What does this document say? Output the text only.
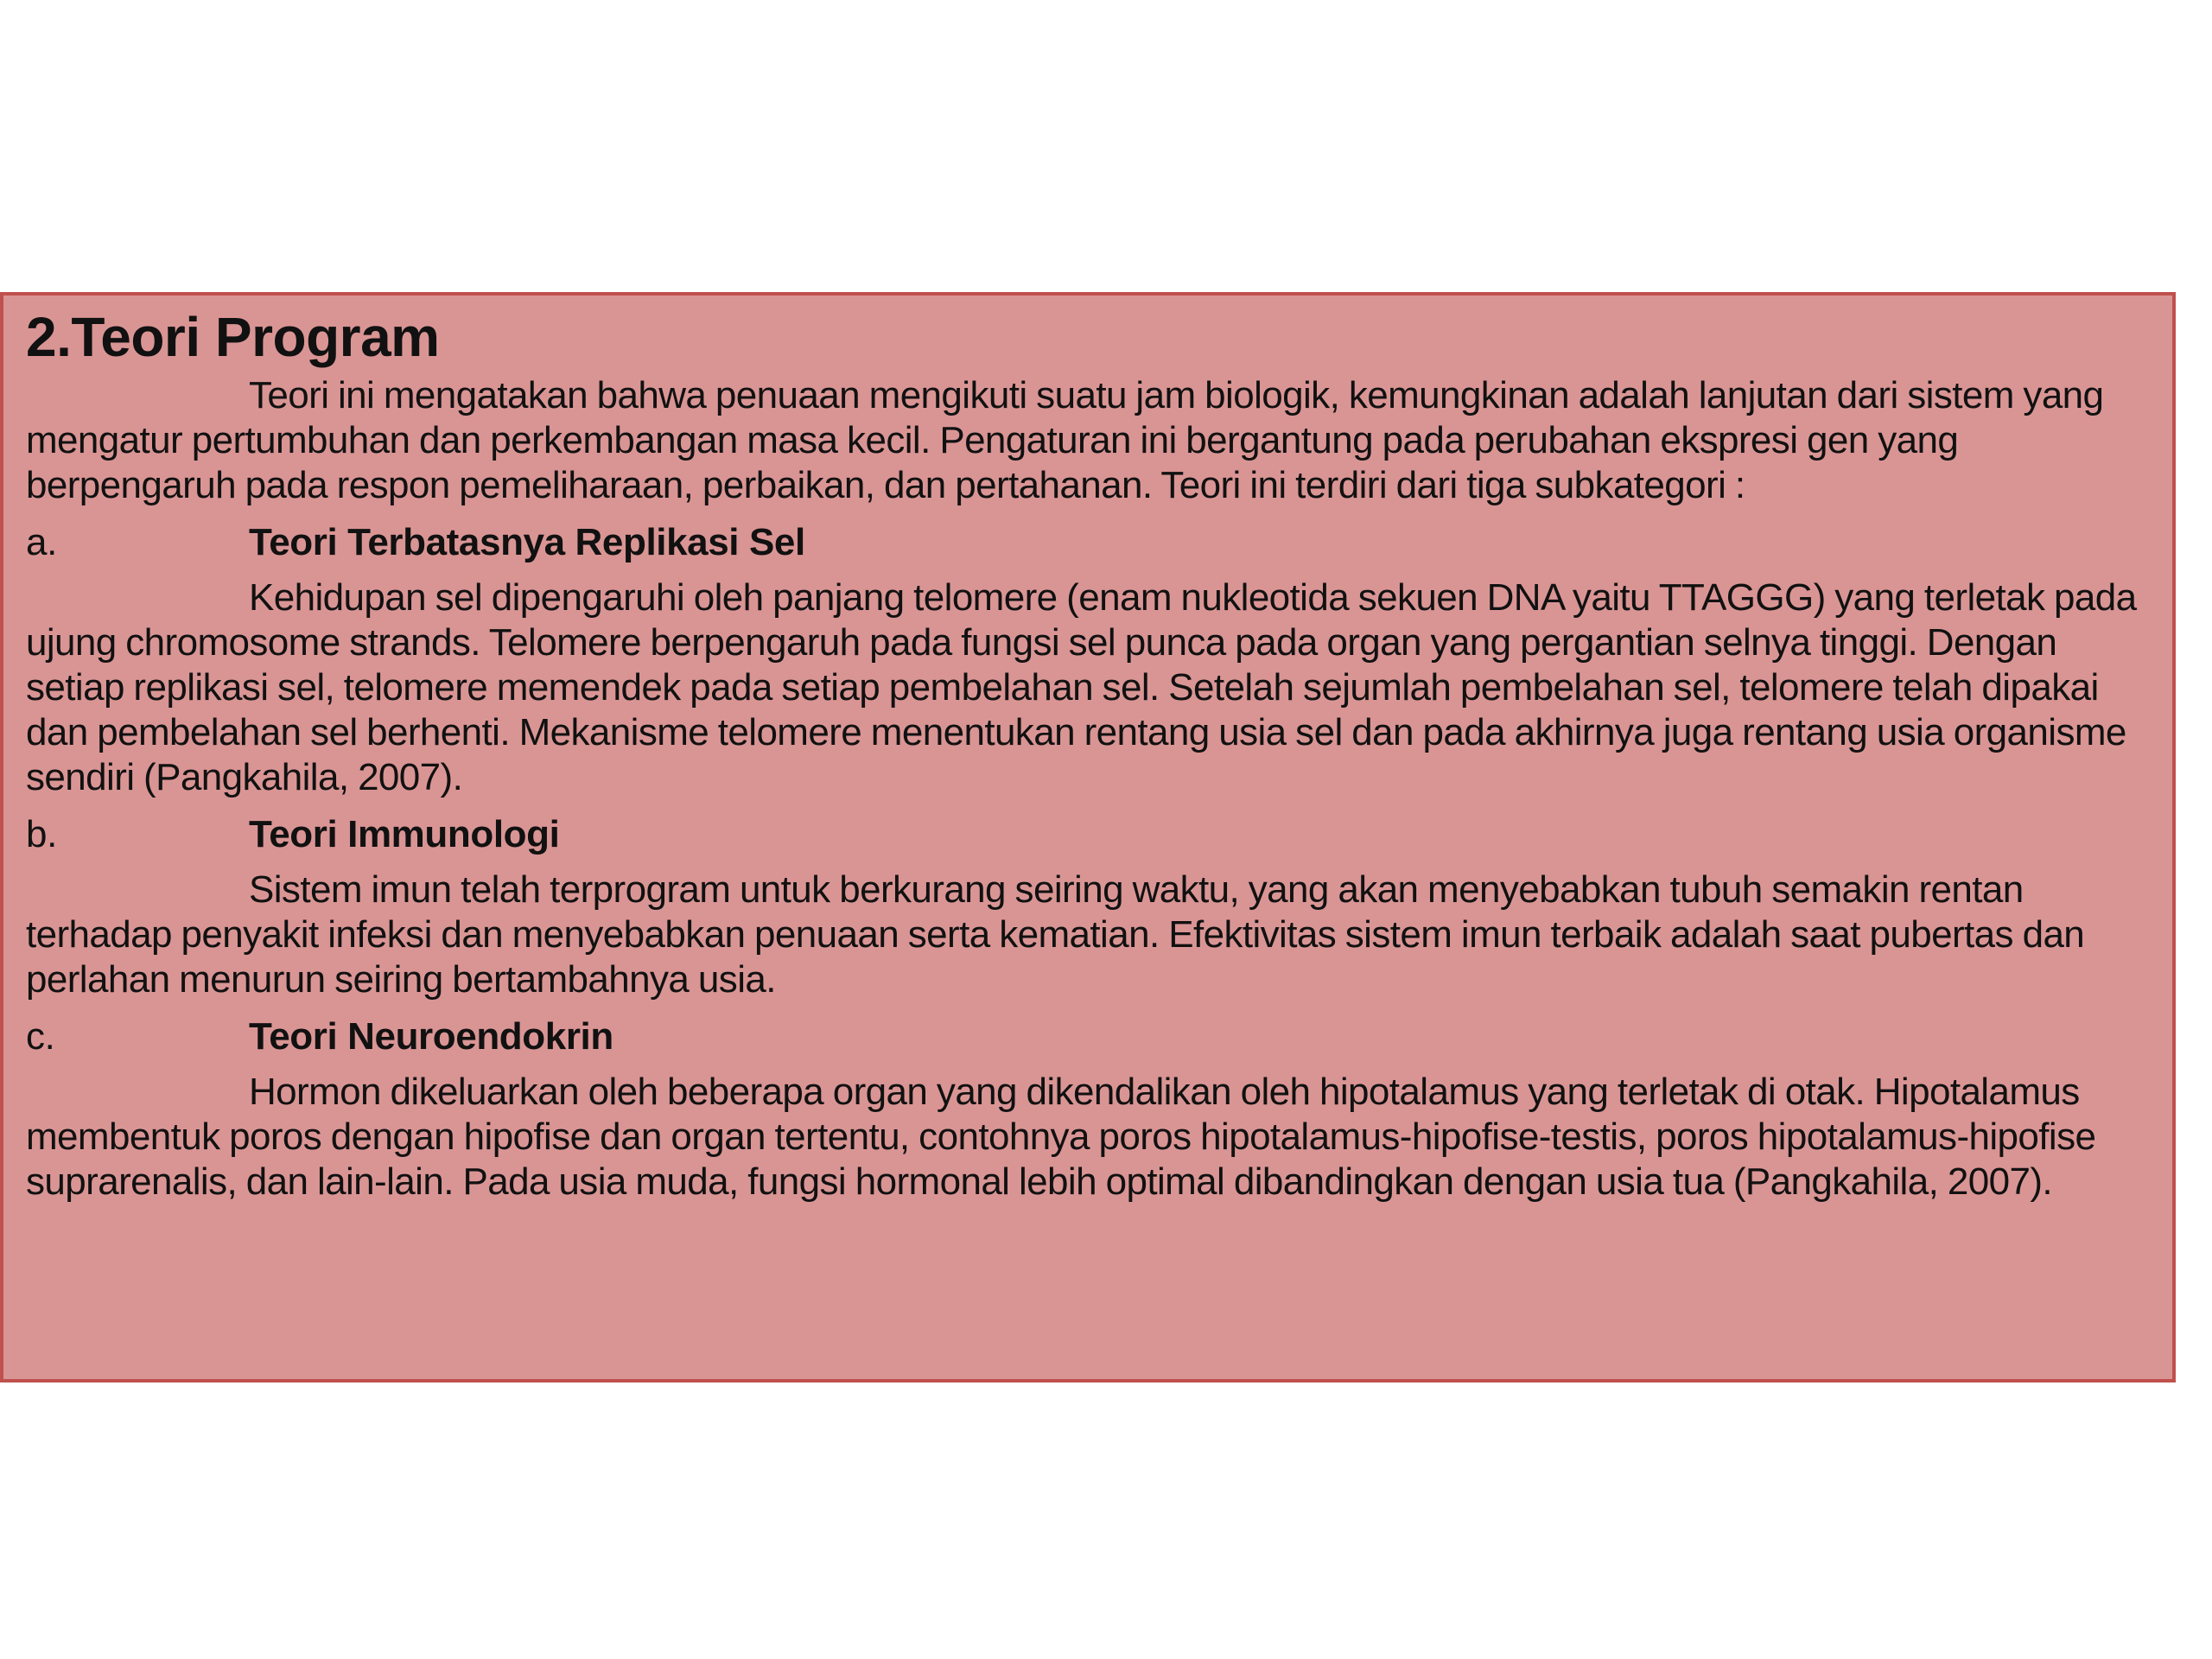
2.Teori Program

Teori ini mengatakan bahwa penuaan mengikuti suatu jam biologik, kemungkinan adalah lanjutan dari sistem yang mengatur pertumbuhan dan perkembangan masa kecil. Pengaturan ini bergantung pada perubahan ekspresi gen yang berpengaruh pada respon pemeliharaan, perbaikan, dan pertahanan. Teori ini terdiri dari tiga subkategori :

a.	Teori Terbatasnya Replikasi Sel

Kehidupan sel dipengaruhi oleh panjang telomere (enam nukleotida sekuen DNA yaitu TTAGGG) yang terletak pada ujung chromosome strands. Telomere berpengaruh pada fungsi sel punca pada organ yang pergantian selnya tinggi. Dengan setiap replikasi sel, telomere memendek pada setiap pembelahan sel. Setelah sejumlah pembelahan sel, telomere telah dipakai dan pembelahan sel berhenti. Mekanisme telomere menentukan rentang usia sel dan pada akhirnya juga rentang usia organisme sendiri (Pangkahila, 2007).

b.	Teori Immunologi

Sistem imun telah terprogram untuk berkurang seiring waktu, yang akan menyebabkan tubuh semakin rentan terhadap penyakit infeksi dan menyebabkan penuaan serta kematian. Efektivitas sistem imun terbaik adalah saat pubertas dan perlahan menurun seiring bertambahnya usia.

c.	Teori Neuroendokrin

Hormon dikeluarkan oleh beberapa organ yang dikendalikan oleh hipotalamus yang terletak di otak. Hipotalamus membentuk poros dengan hipofise dan organ tertentu, contohnya poros hipotalamus-hipofise-testis, poros hipotalamus-hipofise suprarenalis, dan lain-lain. Pada usia muda, fungsi hormonal lebih optimal dibandingkan dengan usia tua (Pangkahila, 2007).
